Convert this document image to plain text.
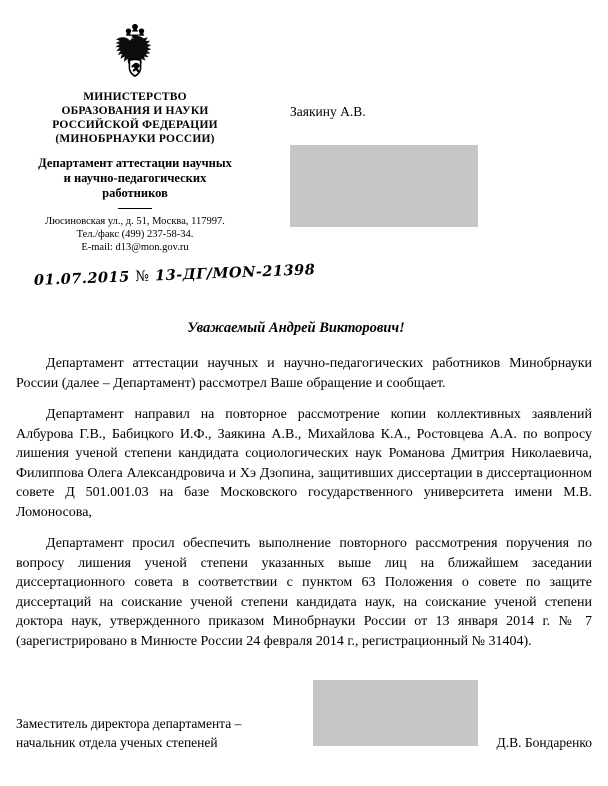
МИНИСТЕРСТВО
ОБРАЗОВАНИЯ И НАУКИ
РОССИЙСКОЙ ФЕДЕРАЦИИ
(МИНОБРНАУКИ РОССИИ)
Департамент аттестации научных
и научно-педагогических
работников
Люсиновская ул., д. 51, Москва, 117997.
Тел./факс (499) 237-58-34.
E-mail: d13@mon.gov.ru
01.07.2015 № 13-ДГ/MON-21398
Заякину А.В.
Уважаемый Андрей Викторович!

Департамент аттестации научных и научно-педагогических работников Минобрнауки России (далее – Департамент) рассмотрел Ваше обращение и сообщает.

Департамент направил на повторное рассмотрение копии коллективных заявлений Албурова Г.В., Бабицкого И.Ф., Заякина А.В., Михайлова К.А., Ростовцева А.А. по вопросу лишения ученой степени кандидата социологических наук Романова Дмитрия Николаевича, Филиппова Олега Александровича и Хэ Дзопина, защитивших диссертации в диссертационном совете Д 501.001.03 на базе Московского государственного университета имени М.В. Ломоносова,

Департамент просил обеспечить выполнение повторного рассмотрения поручения по вопросу лишения ученой степени указанных выше лиц на ближайшем заседании диссертационного совета в соответствии с пунктом 63 Положения о совете по защите диссертаций на соискание ученой степени кандидата наук, на соискание ученой степени доктора наук, утвержденного приказом Минобрнауки России от 13 января 2014 г. № 7 (зарегистрировано в Минюсте России 24 февраля 2014 г., регистрационный № 31404).

Заместитель директора департамента –
начальник отдела ученых степеней	Д.В. Бондаренко
